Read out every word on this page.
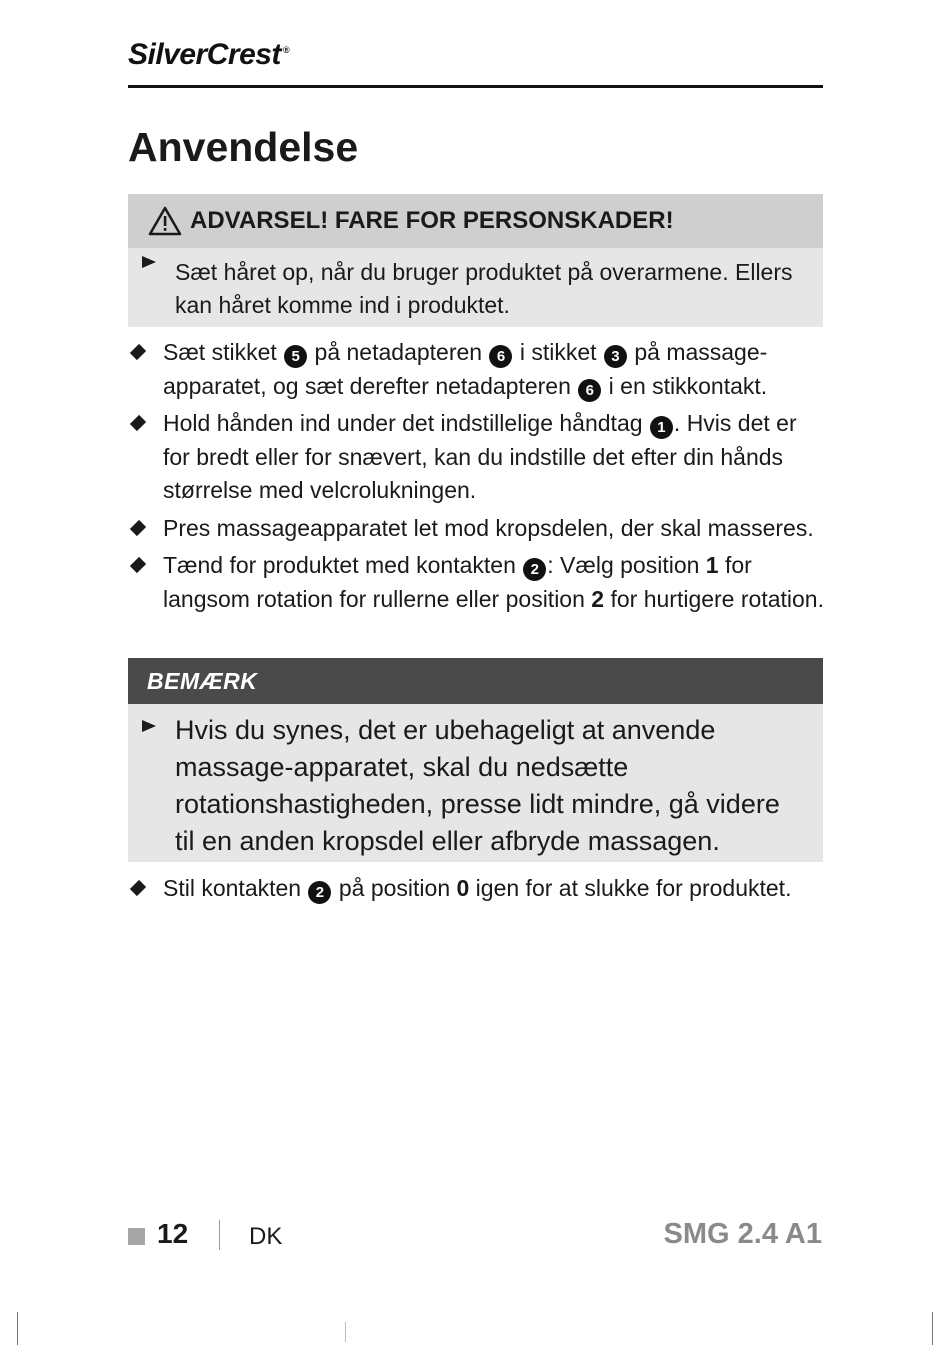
SilverCrest ®
Anvendelse
ADVARSEL! FARE FOR PERSONSKADER!
Sæt håret op, når du bruger produktet på overarmene. Ellers kan håret komme ind i produktet.
Sæt stikket 5 på netadapteren 6 i stikket 3 på massage-apparatet, og sæt derefter netadapteren 6 i en stikkontakt.
Hold hånden ind under det indstillelige håndtag 1 . Hvis det er for bredt eller for snævert, kan du indstille det efter din hånds størrelse med velcrolukningen.
Pres massageapparatet let mod kropsdelen, der skal masseres.
Tænd for produktet med kontakten 2 : Vælg position 1 for langsom rotation for rullerne eller position 2 for hurtigere rotation.
BEMÆRK
Hvis du synes, det er ubehageligt at anvende massage-apparatet, skal du nedsætte rotationshastigheden, presse lidt mindre, gå videre til en anden kropsdel eller afbryde massagen.
Stil kontakten 2 på position 0 igen for at slukke for produktet.
12	DK	SMG 2.4 A1
